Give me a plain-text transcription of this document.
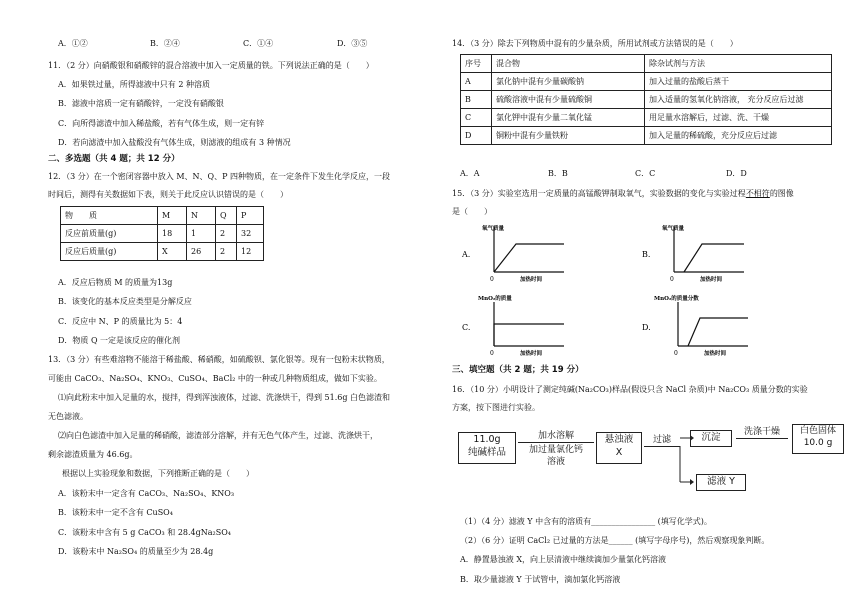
A．①②	B．②④	C．①④	D．③⑤
11．（2 分）向硝酸银和硝酸锌的混合溶液中加入一定质量的铁。下列说法正确的是（　　）
A．如果铁过量，所得滤液中只有 2 种溶质
B．滤液中溶质一定有硝酸锌，一定没有硝酸银
C．向所得滤渣中加入稀盐酸，若有气体生成，则一定有锌
D．若向滤渣中加入盐酸没有气体生成，则滤液的组成有 3 种情况
二、多选题（共 4 题；共 12 分）
12．（3 分）在一个密闭容器中放入 M、N、Q、P 四种物质，在一定条件下发生化学反应，一段
时间后，测得有关数据如下表，则关于此反应认识错误的是（　　）
物　　质	M	N	Q	P
反应前质量(g)	18	1	2	32
反应后质量(g)	X	26	2	12
A．反应后物质 M 的质量为13g
B．该变化的基本反应类型是分解反应
C．反应中 N、P 的质量比为 5：4
D．物质 Q 一定是该反应的催化剂
13．（3 分）有些难溶物不能溶于稀盐酸、稀硝酸，如硫酸钡、氯化银等。现有一包粉末状物质，
可能由 CaCO₃、Na₂SO₄、KNO₃、CuSO₄、BaCl₂ 中的一种或几种物质组成，做如下实验。
⑴向此粉末中加入足量的水，搅拌，得到浑浊液体，过滤、洗涤烘干，得到 51.6g 白色滤渣和
无色滤液。
⑵向白色滤渣中加入足量的稀硝酸，滤渣部分溶解，并有无色气体产生，过滤、洗涤烘干，
剩余滤渣质量为 46.6g。
根据以上实验现象和数据，下列推断正确的是（　　）
A．该粉末中一定含有 CaCO₃、Na₂SO₄、KNO₃
B．该粉末中一定不含有 CuSO₄
C．该粉末中含有 5 g CaCO₃ 和 28.4gNa₂SO₄
D．该粉末中 Na₂SO₄ 的质量至少为 28.4g
14．（3 分）除去下列物质中混有的少量杂质，所用试剂或方法错误的是（　　）
序号	混合物	除杂试剂与方法
A	氯化钠中混有少量碳酸钠	加入过量的盐酸后蒸干
B	硫酸溶液中混有少量硫酸铜	加入适量的氢氧化钠溶液， 充分反应后过滤
C	氯化钾中混有少量二氧化锰	用足量水溶解后，过滤、洗、干燥
D	铜粉中混有少量铁粉	加入足量的稀硫酸，充分反应后过滤
A．A	B．B	C．C	D．D
15．（3 分）实验室选用一定质量的高锰酸钾制取氧气，实验数据的变化与实验过程不相符的图像
是（　　）
A.
氧气质量
0	加热时间
B.
氧气质量
0	加热时间
C.
MnO₂的质量
0	加热时间
D.
MnO₂的质量分数
0	加热时间
三、填空题（共 2 题；共 19 分）
16．（10 分）小明设计了测定纯碱(Na₂CO₃)样品(假设只含 NaCl 杂质)中 Na₂CO₃ 质量分数的实验
方案，按下图进行实验。
11.0g
纯碱样品
加水溶解
加过量氯化钙
溶液
悬浊液
X
过滤	沉淀	洗涤干燥	白色固体
10.0 g
滤液 Y
（1）（4 分）滤液 Y 中含有的溶质有________________ (填写化学式)。
（2）（6 分）证明 CaCl₂ 已过量的方法是______ (填写字母序号)，然后观察现象判断。
A．静置悬浊液 X，向上层清液中继续滴加少量氯化钙溶液
B．取少量滤液 Y 于试管中，滴加氯化钙溶液
